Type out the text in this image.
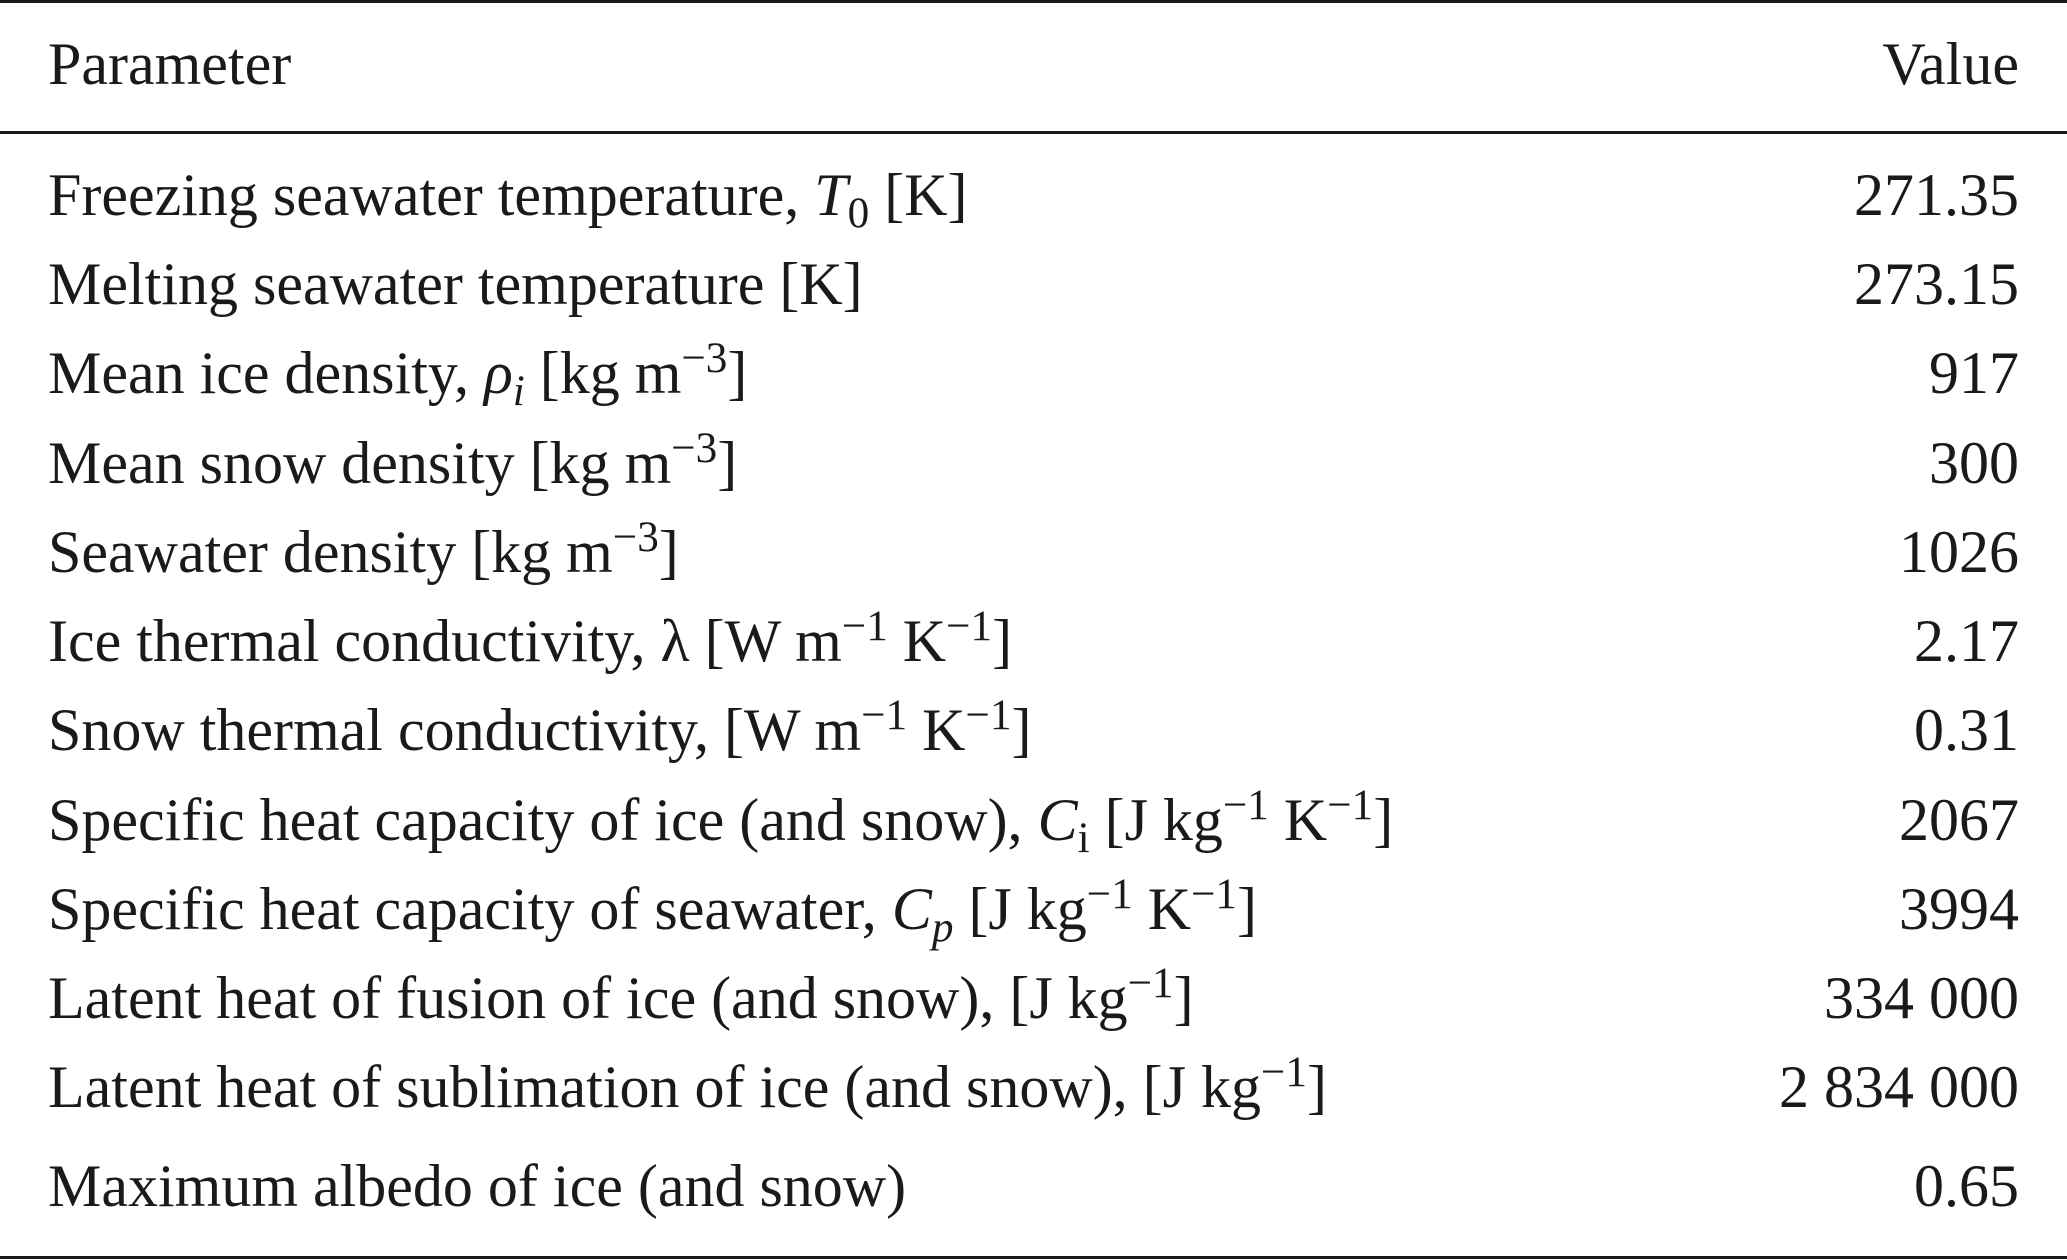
Parameter	Value
Freezing seawater temperature, $T_0$ [K]	271.35
Melting seawater temperature [K]	273.15
Mean ice density, $\rho_i$ [kg $m^{-3}$]	917
Mean snow density [kg $m^{-3}$]	300
Seawater density [kg $m^{-3}$]	1026
Ice thermal conductivity, λ [W $m^{-1}$ $K^{-1}$]	2.17
Snow thermal conductivity, [W $m^{-1}$ $K^{-1}$]	0.31
Specific heat capacity of ice (and snow), $C_i$ [J $kg^{-1}$ $K^{-1}$]	2067
Specific heat capacity of seawater, $C_p$ [J $kg^{-1}$ $K^{-1}$]	3994
Latent heat of fusion of ice (and snow), [J $kg^{-1}$]	334 000
Latent heat of sublimation of ice (and snow), [J $kg^{-1}$]	2 834 000
Maximum albedo of ice (and snow)	0.65
